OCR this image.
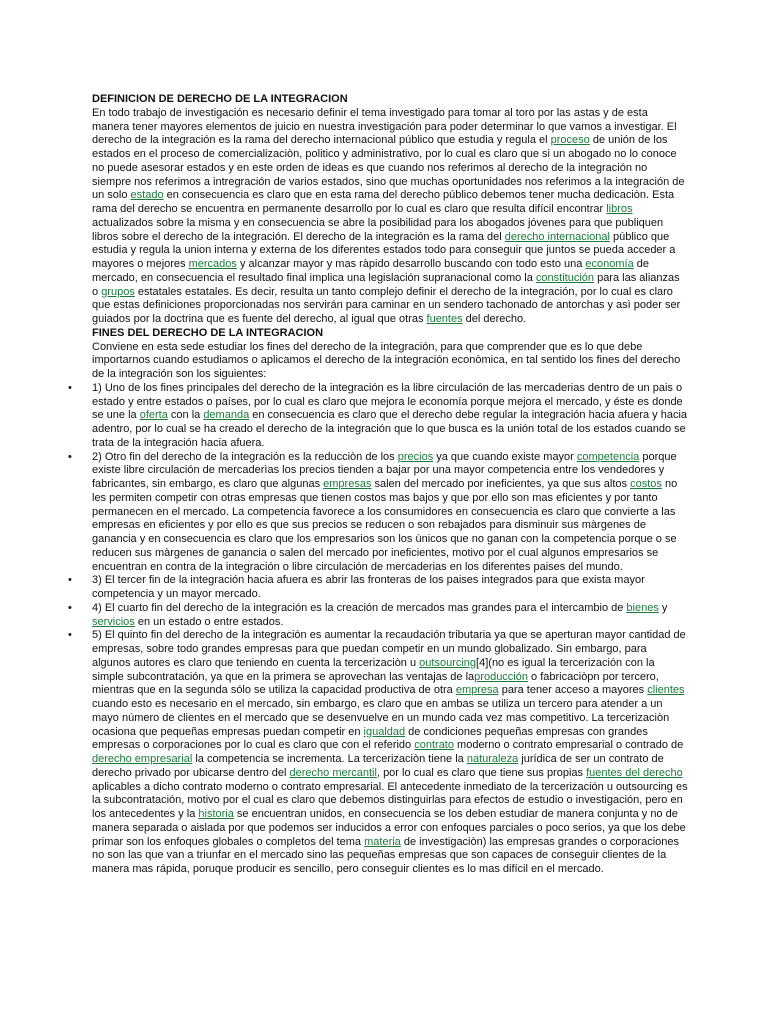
DEFINICION DE DERECHO DE LA INTEGRACION
En todo trabajo de investigación es necesario definir el tema investigado para tomar al toro por las astas y de esta manera tener mayores elementos de juicio en nuestra investigación para poder determinar lo que vamos a investigar. El derecho de la integración es la rama del derecho internacional público que estudia y regula el proceso de unión de los estados en el proceso de comercializaciòn, politico y administrativo, por lo cual es claro que si un abogado no lo conoce no puede asesorar estados y en este orden de ideas es que cuando nos referimos al derecho de la integración no siempre nos referimos a intregración de varios estados, sino que muchas oportunidades nos referimos a la integración de un solo estado en consecuencia es claro que en esta rama del derecho público debemos tener mucha dedicaciòn. Esta rama del derecho se encuentra en permanente desarrollo por lo cual es claro que resulta difícil encontrar libros actualizados sobre la misma y en consecuencia se abre la posibilidad para los abogados jóvenes para que publiquen libros sobre el derecho de la integración. El derecho de la integración es la rama del derecho internacional público que estudia y regula la union interna y externa de los diferentes estados todo para conseguir que juntos se pueda acceder a mayores o mejores mercados y alcanzar mayor y mas ràpido desarrollo buscando con todo esto una economía de mercado, en consecuencia el resultado final implica una legislación supranacional como la constitución para las alianzas o grupos estatales estatales. Es decir, resulta un tanto complejo definir el derecho de la integración, por lo cual es claro que estas definiciones proporcionadas nos servirán para caminar en un sendero tachonado de antorchas y asì poder ser guiados por la doctrina que es fuente del derecho, al igual que otras fuentes del derecho.
FINES DEL DERECHO DE LA INTEGRACION
Conviene en esta sede estudiar los fines del derecho de la integración, para que comprender que es lo que debe importarnos cuando estudiamos o aplicamos el derecho de la integración econòmica, en tal sentido los fines del derecho de la integración son los siguientes:
• 1) Uno de los fines principales del derecho de la integración es la libre circulación de las mercaderias dentro de un pais o estado y entre estados o países, por lo cual es claro que mejora le economía porque mejora el mercado, y éste es donde se une la oferta con la demanda en consecuencia es claro que el derecho debe regular la integración hacia afuera y hacia adentro, por lo cual se ha creado el derecho de la integración que lo que busca es la unión total de los estados cuando se trata de la integración hacia afuera.
• 2) Otro fin del derecho de la integración es la reducciòn de los precios ya que cuando existe mayor competencia porque existe libre circulación de mercaderìas los precios tienden a bajar por una mayor competencia entre los vendedores y fabricantes, sin embargo, es claro que algunas empresas salen del mercado por ineficientes, ya que sus altos costos no les permiten competir con otras empresas que tienen costos mas bajos y que por ello son mas eficientes y por tanto permanecen en el mercado. La competencia favorece a los consumidores en consecuencia es claro que convierte a las empresas en eficientes y por ello es que sus precios se reducen o son rebajados para disminuir sus màrgenes de ganancia y en consecuencia es claro que los empresarios son los ùnicos que no ganan con la competencia porque o se reducen sus màrgenes de ganancia o salen del mercado por ineficientes, motivo por el cual algunos empresarios se encuentran en contra de la integración o libre circulación de mercaderias en los diferentes paises del mundo.
• 3) El tercer fin de la integración hacia afuera es abrir las fronteras de los paises integrados para que exista mayor competencia y un mayor mercado.
• 4) El cuarto fin del derecho de la integración es la creación de mercados mas grandes para el intercambio de bienes y servicios en un estado o entre estados.
• 5) El quinto fin del derecho de la integración es aumentar la recaudación tributaria ya que se aperturan mayor cantidad de empresas, sobre todo grandes empresas para que puedan competir en un mundo globalizado. Sin embargo, para algunos autores es claro que teniendo en cuenta la tercerizaciòn u outsourcing[4](no es igual la tercerización con la simple subcontratación, ya que en la primera se aprovechan las ventajas de laproducción o fabricaciòpn por tercero, mientras que en la segunda sólo se utiliza la capacidad productiva de otra empresa para tener acceso a mayores clientes cuando esto es necesario en el mercado, sin embargo, es claro que en ambas se utiliza un tercero para atender a un mayo número de clientes en el mercado que se desenvuelve en un mundo cada vez mas competitivo. La tercerizaciòn ocasiona que pequeñas empresas puedan competir en igualdad de condiciones pequeñas empresas con grandes empresas o corporaciones por lo cual es claro que con el referido contrato moderno o contrato empresarial o contrado de derecho empresarial la competencia se incrementa. La tercerizaciòn tiene la naturaleza jurídica de ser un contrato de derecho privado por ubicarse dentro del derecho mercantil, por lo cual es claro que tiene sus propias fuentes del derecho aplicables a dicho contrato moderno o contrato empresarial. El antecedente inmediato de la tercerización u outsourcing es la subcontratación, motivo por el cual es claro que debemos distinguirlas para efectos de estudio o investigación, pero en los antecedentes y la historia se encuentran unidos, en consecuencia se los deben estudiar de manera conjunta y no de manera separada o aislada por que podemos ser inducidos a error con enfoques parciales o poco serios, ya que los debe primar son los enfoques globales o completos del tema materia de investigaciòn) las empresas grandes o corporaciones no son las que van a triunfar en el mercado sino las pequeñas empresas que son capaces de conseguir clientes de la manera mas rápida, poruque producir es sencillo, pero conseguir clientes es lo mas difícil en el mercado.
